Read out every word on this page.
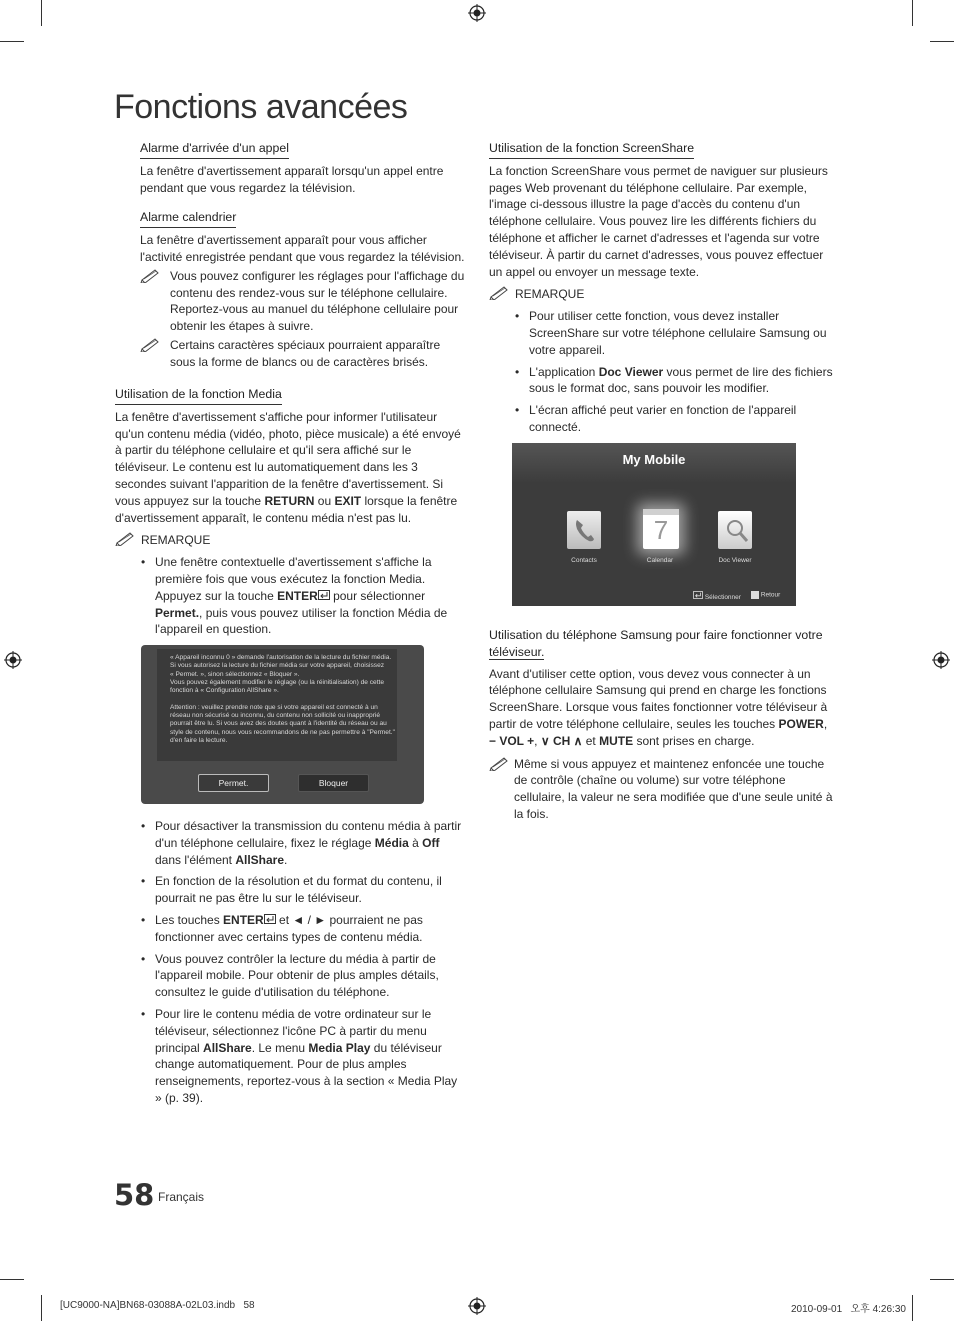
Fonctions avancées
Alarme d'arrivée d'un appel

La fenêtre d'avertissement apparaît lorsqu'un appel entre pendant que vous regardez la télévision.

Alarme calendrier

La fenêtre d'avertissement apparaît pour vous afficher l'activité enregistrée pendant que vous regardez la télévision.

Vous pouvez configurer les réglages pour l'affichage du contenu des rendez-vous sur le téléphone cellulaire. Reportez-vous au manuel du téléphone cellulaire pour obtenir les étapes à suivre.

Certains caractères spéciaux pourraient apparaître sous la forme de blancs ou de caractères brisés.

Utilisation de la fonction Media

La fenêtre d'avertissement s'affiche pour informer l'utilisateur qu'un contenu média (vidéo, photo, pièce musicale) a été envoyé à partir du téléphone cellulaire et qu'il sera affiché sur le téléviseur. Le contenu est lu automatiquement dans les 3 secondes suivant l'apparition de la fenêtre d'avertissement. Si vous appuyez sur la touche RETURN ou EXIT lorsque la fenêtre d'avertissement apparaît, le contenu média n'est pas lu.

REMARQUE
• Une fenêtre contextuelle d'avertissement s'affiche la première fois que vous exécutez la fonction Media. Appuyez sur la touche ENTER pour sélectionner Permet., puis vous pouvez utiliser la fonction Média de l'appareil en question.
« Appareil inconnu 0 » demande l'autorisation de la lecture du fichier média.
Si vous autorisez la lecture du fichier média sur votre appareil, choisissez
« Permet. », sinon sélectionnez « Bloquer ».
Vous pouvez également modifier le réglage (ou la réinitialisation) de cette
fonction à « Configuration AllShare ».

Attention : veuillez prendre note que si votre appareil est connecté à un
réseau non sécurisé ou inconnu, du contenu non sollicité ou inapproprié
pourrait être lu. Si vous avez des doutes quant à l'identité du réseau ou au
style de contenu, nous vous recommandons de ne pas permettre à "Permet."
d'en faire la lecture.
Permet.	Bloquer
• Pour désactiver la transmission du contenu média à partir d'un téléphone cellulaire, fixez le réglage Média à Off dans l'élément AllShare.
• En fonction de la résolution et du format du contenu, il pourrait ne pas être lu sur le téléviseur.
• Les touches ENTER et ◄ / ► pourraient ne pas fonctionner avec certains types de contenu média.
• Vous pouvez contrôler la lecture du média à partir de l'appareil mobile. Pour obtenir de plus amples détails, consultez le guide d'utilisation du téléphone.
• Pour lire le contenu média de votre ordinateur sur le téléviseur, sélectionnez l'icône PC à partir du menu principal AllShare. Le menu Media Play du téléviseur change automatiquement. Pour de plus amples renseignements, reportez-vous à la section « Media Play » (p. 39).
Utilisation de la fonction ScreenShare

La fonction ScreenShare vous permet de naviguer sur plusieurs pages Web provenant du téléphone cellulaire. Par exemple, l'image ci-dessous illustre la page d'accès du contenu d'un téléphone cellulaire. Vous pouvez lire les différents fichiers du téléphone et afficher le carnet d'adresses et l'agenda sur votre téléviseur. À partir du carnet d'adresses, vous pouvez effectuer un appel ou envoyer un message texte.

REMARQUE
• Pour utiliser cette fonction, vous devez installer ScreenShare sur votre téléphone cellulaire Samsung ou votre appareil.
• L'application Doc Viewer vous permet de lire des fichiers sous le format doc, sans pouvoir les modifier.
• L'écran affiché peut varier en fonction de l'appareil connecté.
My Mobile
7
Contacts	Calendar	Doc Viewer
Sélectionner	Retour
Utilisation du téléphone Samsung pour faire fonctionner votre
téléviseur.

Avant d'utiliser cette option, vous devez vous connecter à un téléphone cellulaire Samsung qui prend en charge les fonctions ScreenShare. Lorsque vous faites fonctionner votre téléviseur à partir de votre téléphone cellulaire, seules les touches POWER,
− VOL +, ∨ CH ∧ et MUTE sont prises en charge.

Même si vous appuyez et maintenez enfoncée une touche de contrôle (chaîne ou volume) sur votre téléphone cellulaire, la valeur ne sera modifiée que d'une seule unité à la fois.

58 Français
[UC9000-NA]BN68-03088A-02L03.indb   58	2010-09-01   오후 4:26:30
